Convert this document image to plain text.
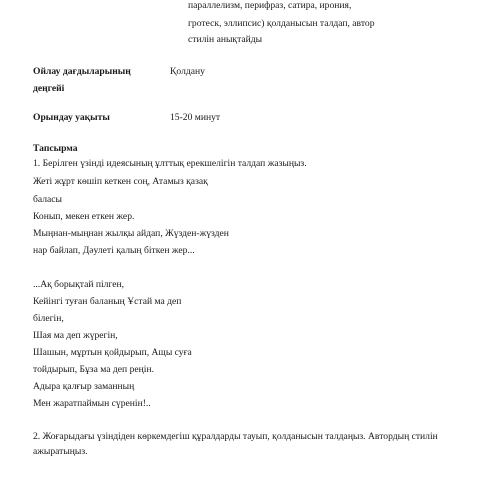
параллелизм, перифраз, сатира, ирония,
гротеск, эллипсис) қолданысын талдап, автор
стилін анықтайды
Ойлау дағдыларының
деңгейі
Қолдану
Орындау уақыты	15-20 минут
Тапсырма
1. Берілген үзінді идеясының ұлттық ерекшелігін талдап жазыңыз.
Жеті жұрт көшіп кеткен соң, Атамыз қазақ
баласы
Конып, мекен еткен жер.
Мыңнан-мыңнан жылқы айдап, Жүзден-жүзден
нар байлап, Дәулеті қалың біткен жер...
...Ақ борықтай пілген,
Кейінгі туған баланың Ұстай ма деп
білегін,
Шая ма деп жүрегін,
Шашын, мұртын қойдырып, Ащы суға
тойдырып, Бұза ма деп реңін.
Адыра қалғыр заманның
Мен жаратпаймын сүренін!..
2. Жоғарыдағы үзіндіден көркемдегіш құралдарды тауып, қолданысын талдаңыз. Автордың стилін
ажыратыңыз.
